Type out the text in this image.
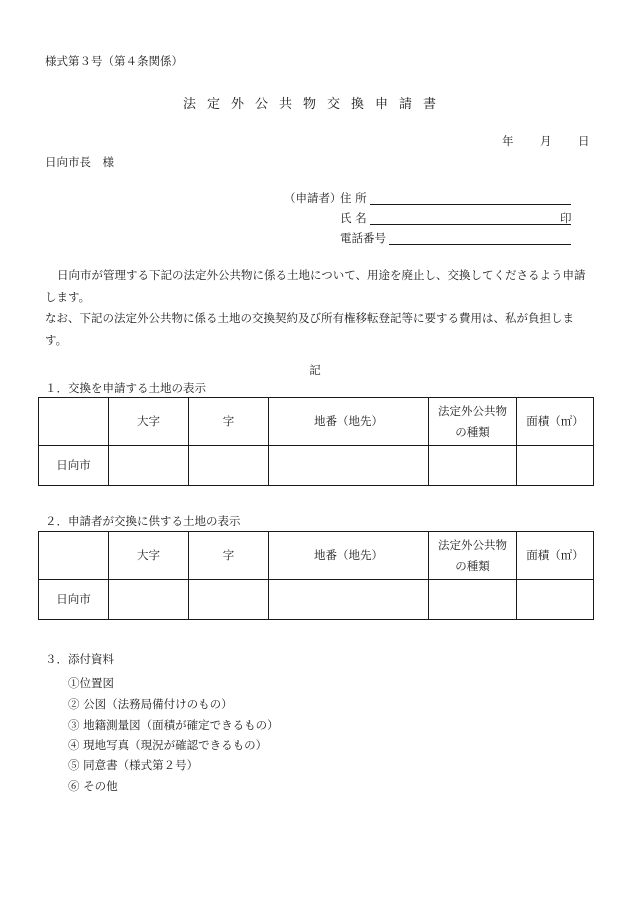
様式第３号（第４条関係）
法定外公共物交換申請書
年 月 日
日向市長　様
（申請者）
住 所
氏 名	印
電話番号

日向市が管理する下記の法定外公共物に係る土地について、用途を廃止し、交換してくださるよう申請します。

なお、下記の法定外公共物に係る土地の交換契約及び所有権移転登記等に要する費用は、私が負担します。

記
１．交換を申請する土地の表示
	大字	字	地番（地先）	法定外公共物
の種類	面積（㎡）
日向市					
２．申請者が交換に供する土地の表示
	大字	字	地番（地先）	法定外公共物
の種類	面積（㎡）
日向市					
３．添付資料
①位置図
② 公図（法務局備付けのもの）
③ 地籍測量図（面積が確定できるもの）
④ 現地写真（現況が確認できるもの）
⑤ 同意書（様式第２号）
⑥ その他
